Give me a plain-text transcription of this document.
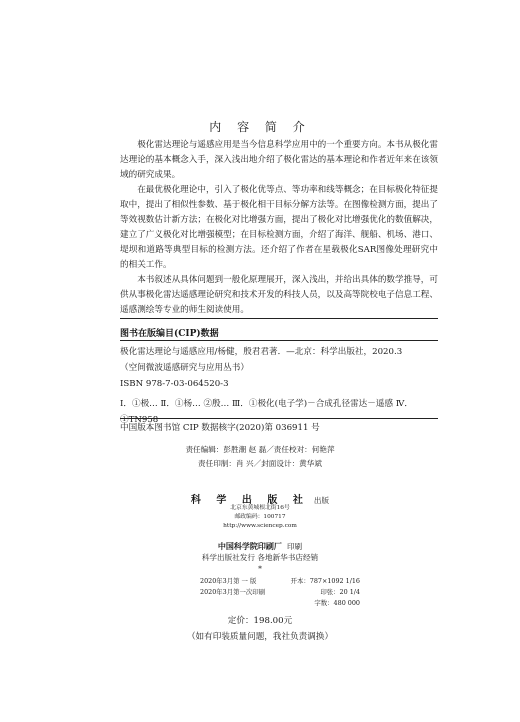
内 容 简 介

极化雷达理论与遥感应用是当今信息科学应用中的一个重要方向。本书从极化雷达理论的基本概念入手，深入浅出地介绍了极化雷达的基本理论和作者近年来在该领域的研究成果。

在最优极化理论中，引入了极化优等点、等功率和线等概念；在目标极化特征提取中，提出了相似性参数、基于极化相干目标分解方法等。在图像检测方面，提出了等效视数估计新方法；在极化对比增强方面，提出了极化对比增强优化的数值解决，建立了广义极化对比增强模型；在目标检测方面，介绍了海洋、舰船、机场、港口、堤坝和道路等典型目标的检测方法。还介绍了作者在星载极化SAR图像处理研究中的相关工作。

本书叙述从具体问题到一般化原理展开，深入浅出，并给出具体的数学推导，可供从事极化雷达遥感理论研究和技术开发的科技人员，以及高等院校电子信息工程、遥感测绘等专业的师生阅读使用。

图书在版编目(CIP)数据
极化雷达理论与遥感应用/杨健，殷君君著．—北京：科学出版社，2020.3
（空间微波遥感研究与应用丛书）
ISBN 978-7-03-064520-3
Ⅰ．①极… Ⅱ．①杨… ②殷… Ⅲ．①极化(电子学)－合成孔径雷达－遥感 Ⅳ．①TN958
中国版本图书馆 CIP 数据核字(2020)第 036911 号
责任编辑：彭胜潮 赵 磊／责任校对：何艳萍
责任印制：肖 兴／封面设计：黄华斌
科 学 出 版 社 出版
北京东黄城根北街16号
邮政编码：100717
http://www.sciencep.com
中国科学院印刷厂 印刷
科学出版社发行 各地新华书店经销
*
2020年3月第 一 版	开本：787×1092 1/16
2020年3月第一次印刷	印张：20 1/4
字数：480 000
定价：198.00元
（如有印装质量问题，我社负责调换）
